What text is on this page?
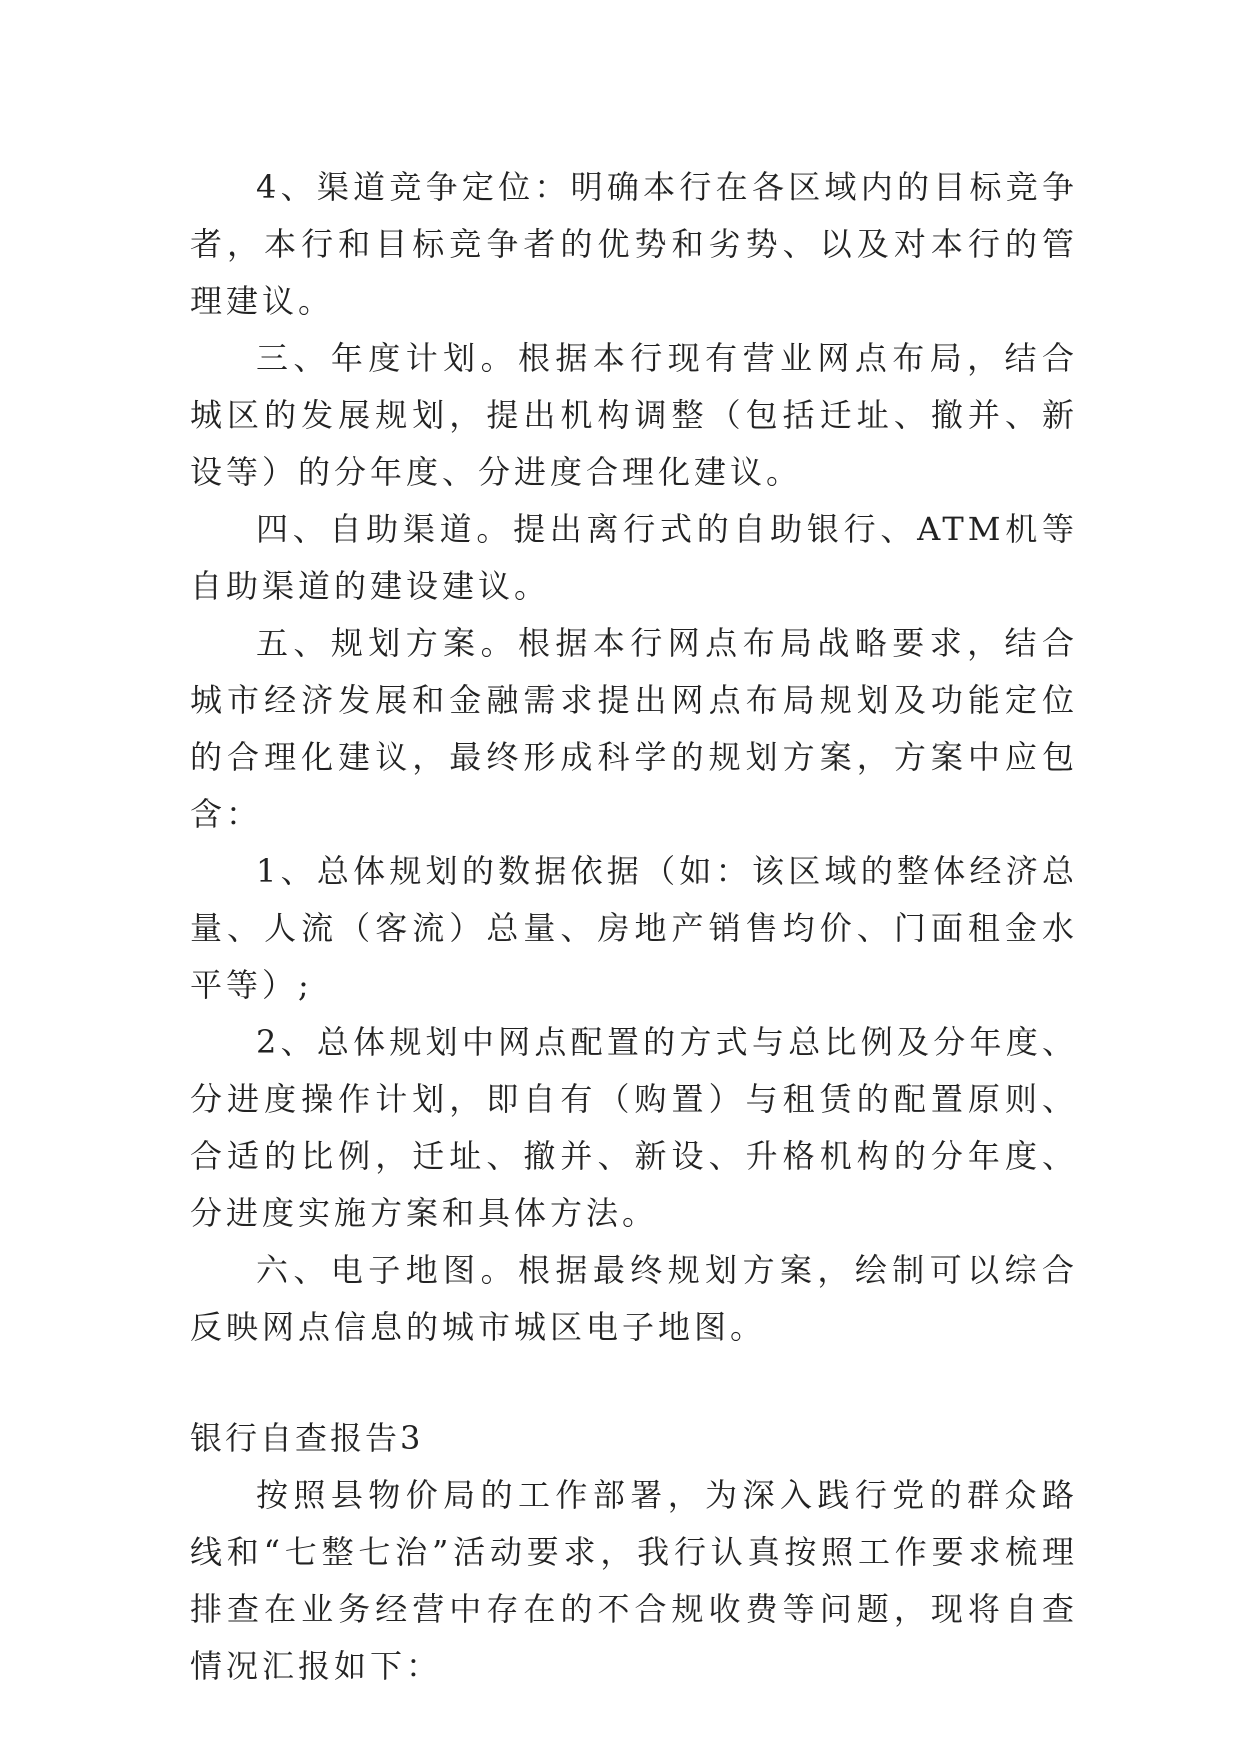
4、渠道竞争定位：明确本行在各区域内的目标竞争者，本行和目标竞争者的优势和劣势、以及对本行的管理建议。

三、年度计划。根据本行现有营业网点布局，结合城区的发展规划，提出机构调整（包括迁址、撤并、新设等）的分年度、分进度合理化建议。

四、自助渠道。提出离行式的自助银行、ATM机等自助渠道的建设建议。

五、规划方案。根据本行网点布局战略要求，结合城市经济发展和金融需求提出网点布局规划及功能定位的合理化建议，最终形成科学的规划方案，方案中应包含：

1、总体规划的数据依据（如：该区域的整体经济总量、人流（客流）总量、房地产销售均价、门面租金水平等）;

2、总体规划中网点配置的方式与总比例及分年度、分进度操作计划，即自有（购置）与租赁的配置原则、合适的比例，迁址、撤并、新设、升格机构的分年度、分进度实施方案和具体方法。

六、电子地图。根据最终规划方案，绘制可以综合反映网点信息的城市城区电子地图。

银行自查报告3

按照县物价局的工作部署，为深入践行党的群众路线和“七整七治”活动要求，我行认真按照工作要求梳理排查在业务经营中存在的不合规收费等问题，现将自查情况汇报如下：
